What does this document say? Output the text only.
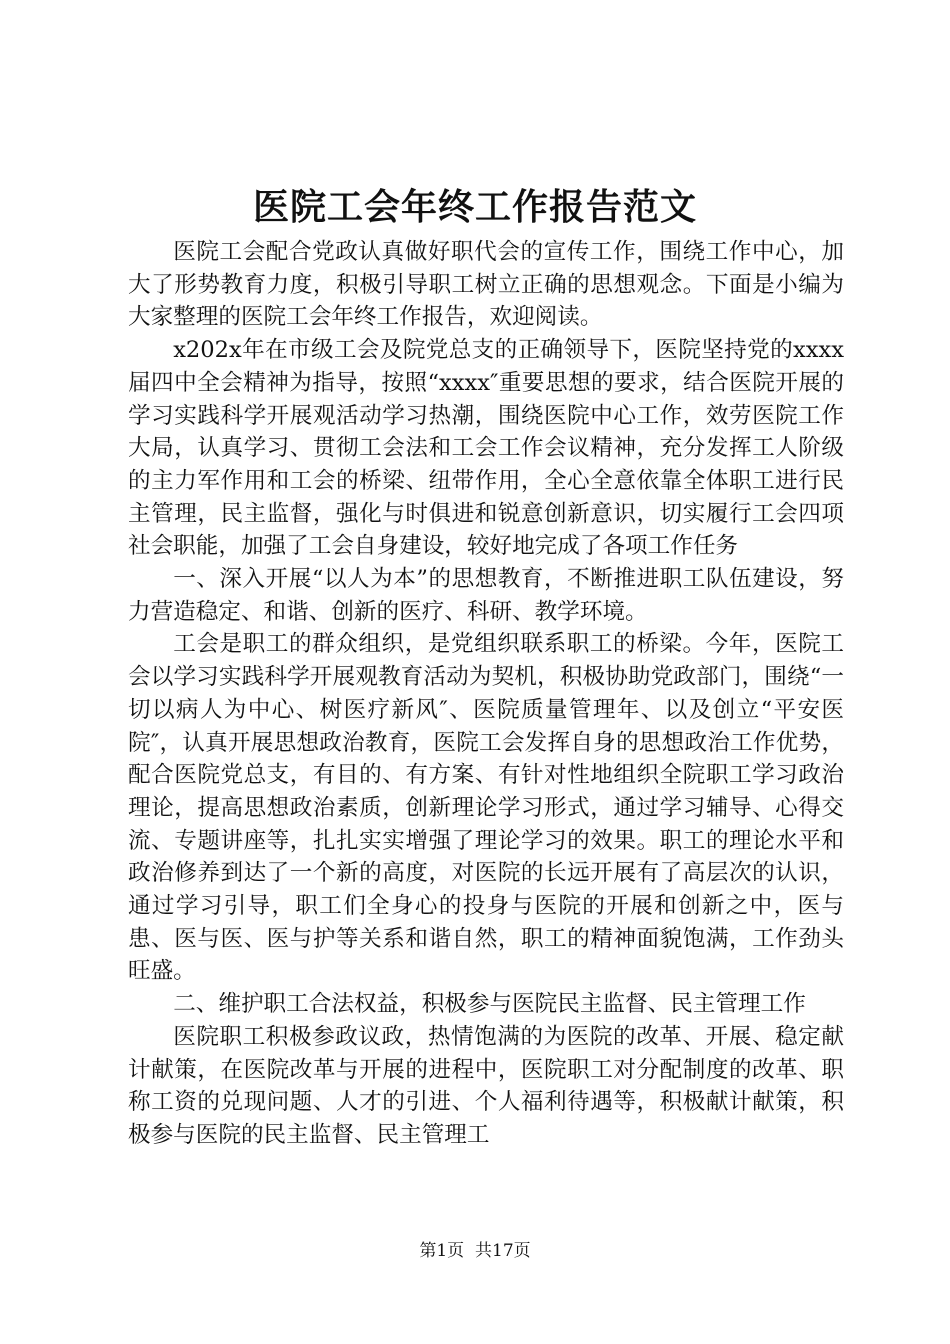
医院工会年终工作报告范文

医院工会配合党政认真做好职代会的宣传工作，围绕工作中心，加大了形势教育力度，积极引导职工树立正确的思想观念。下面是小编为大家整理的医院工会年终工作报告，欢迎阅读。

x202x年在市级工会及院党总支的正确领导下，医院坚持党的xxxx届四中全会精神为指导，按照“xxxx″重要思想的要求，结合医院开展的学习实践科学开展观活动学习热潮，围绕医院中心工作，效劳医院工作大局，认真学习、贯彻工会法和工会工作会议精神，充分发挥工人阶级的主力军作用和工会的桥梁、纽带作用，全心全意依靠全体职工进行民主管理，民主监督，强化与时俱进和锐意创新意识，切实履行工会四项社会职能，加强了工会自身建设，较好地完成了各项工作任务

一、深入开展“以人为本”的思想教育，不断推进职工队伍建设，努力营造稳定、和谐、创新的医疗、科研、教学环境。

工会是职工的群众组织，是党组织联系职工的桥梁。今年，医院工会以学习实践科学开展观教育活动为契机，积极协助党政部门，围绕“一切以病人为中心、树医疗新风″、医院质量管理年、以及创立“平安医院″，认真开展思想政治教育，医院工会发挥自身的思想政治工作优势，配合医院党总支，有目的、有方案、有针对性地组织全院职工学习政治理论，提高思想政治素质，创新理论学习形式，通过学习辅导、心得交流、专题讲座等，扎扎实实增强了理论学习的效果。职工的理论水平和政治修养到达了一个新的高度，对医院的长远开展有了高层次的认识，通过学习引导，职工们全身心的投身与医院的开展和创新之中，医与患、医与医、医与护等关系和谐自然，职工的精神面貌饱满，工作劲头旺盛。

二、维护职工合法权益，积极参与医院民主监督、民主管理工作

医院职工积极参政议政，热情饱满的为医院的改革、开展、稳定献计献策，在医院改革与开展的进程中，医院职工对分配制度的改革、职称工资的兑现问题、人才的引进、个人福利待遇等，积极献计献策，积极参与医院的民主监督、民主管理工

第1页 共17页
